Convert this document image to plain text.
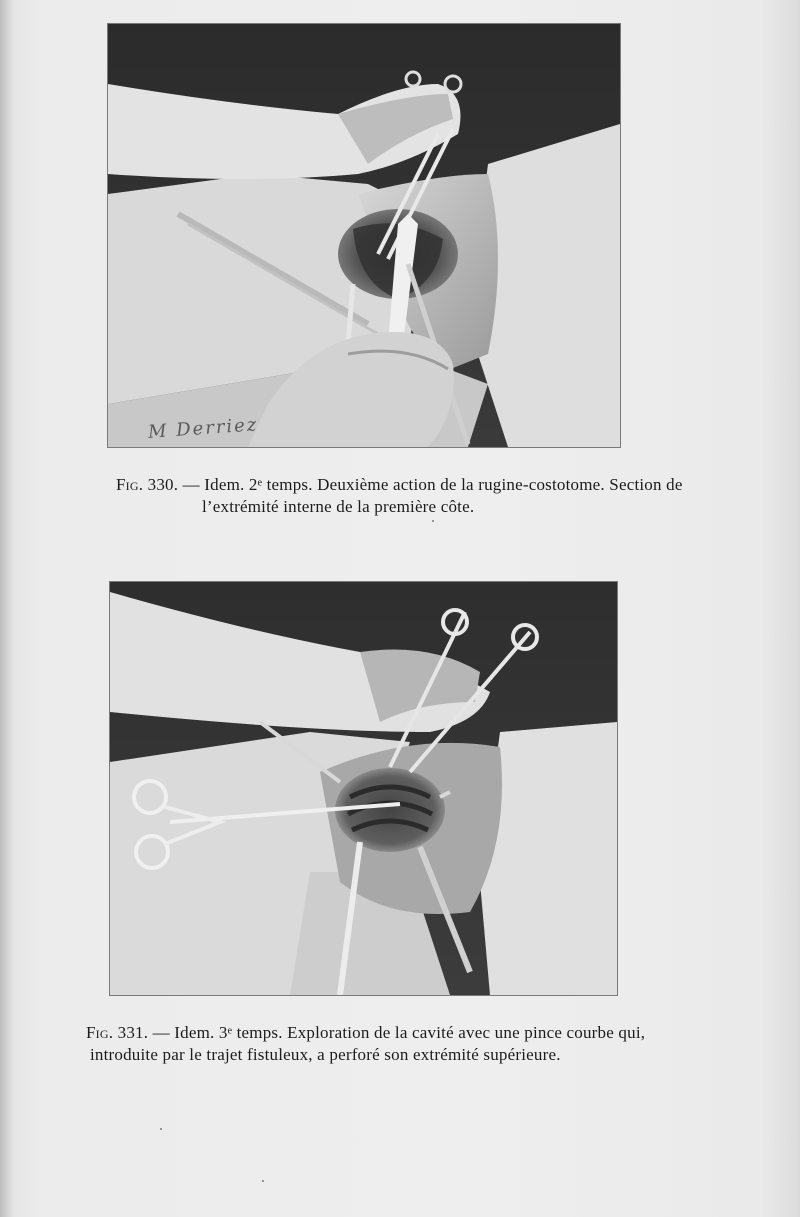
M Derriez
Fig. 330. — Idem. 2ᵉ temps. Deuxième action de la rugine-costotome. Section de
l’extrémité interne de la première côte.
Fig. 331. — Idem. 3ᵉ temps. Exploration de la cavité avec une pince courbe qui,
introduite par le trajet fistuleux, a perforé son extrémité supérieure.
